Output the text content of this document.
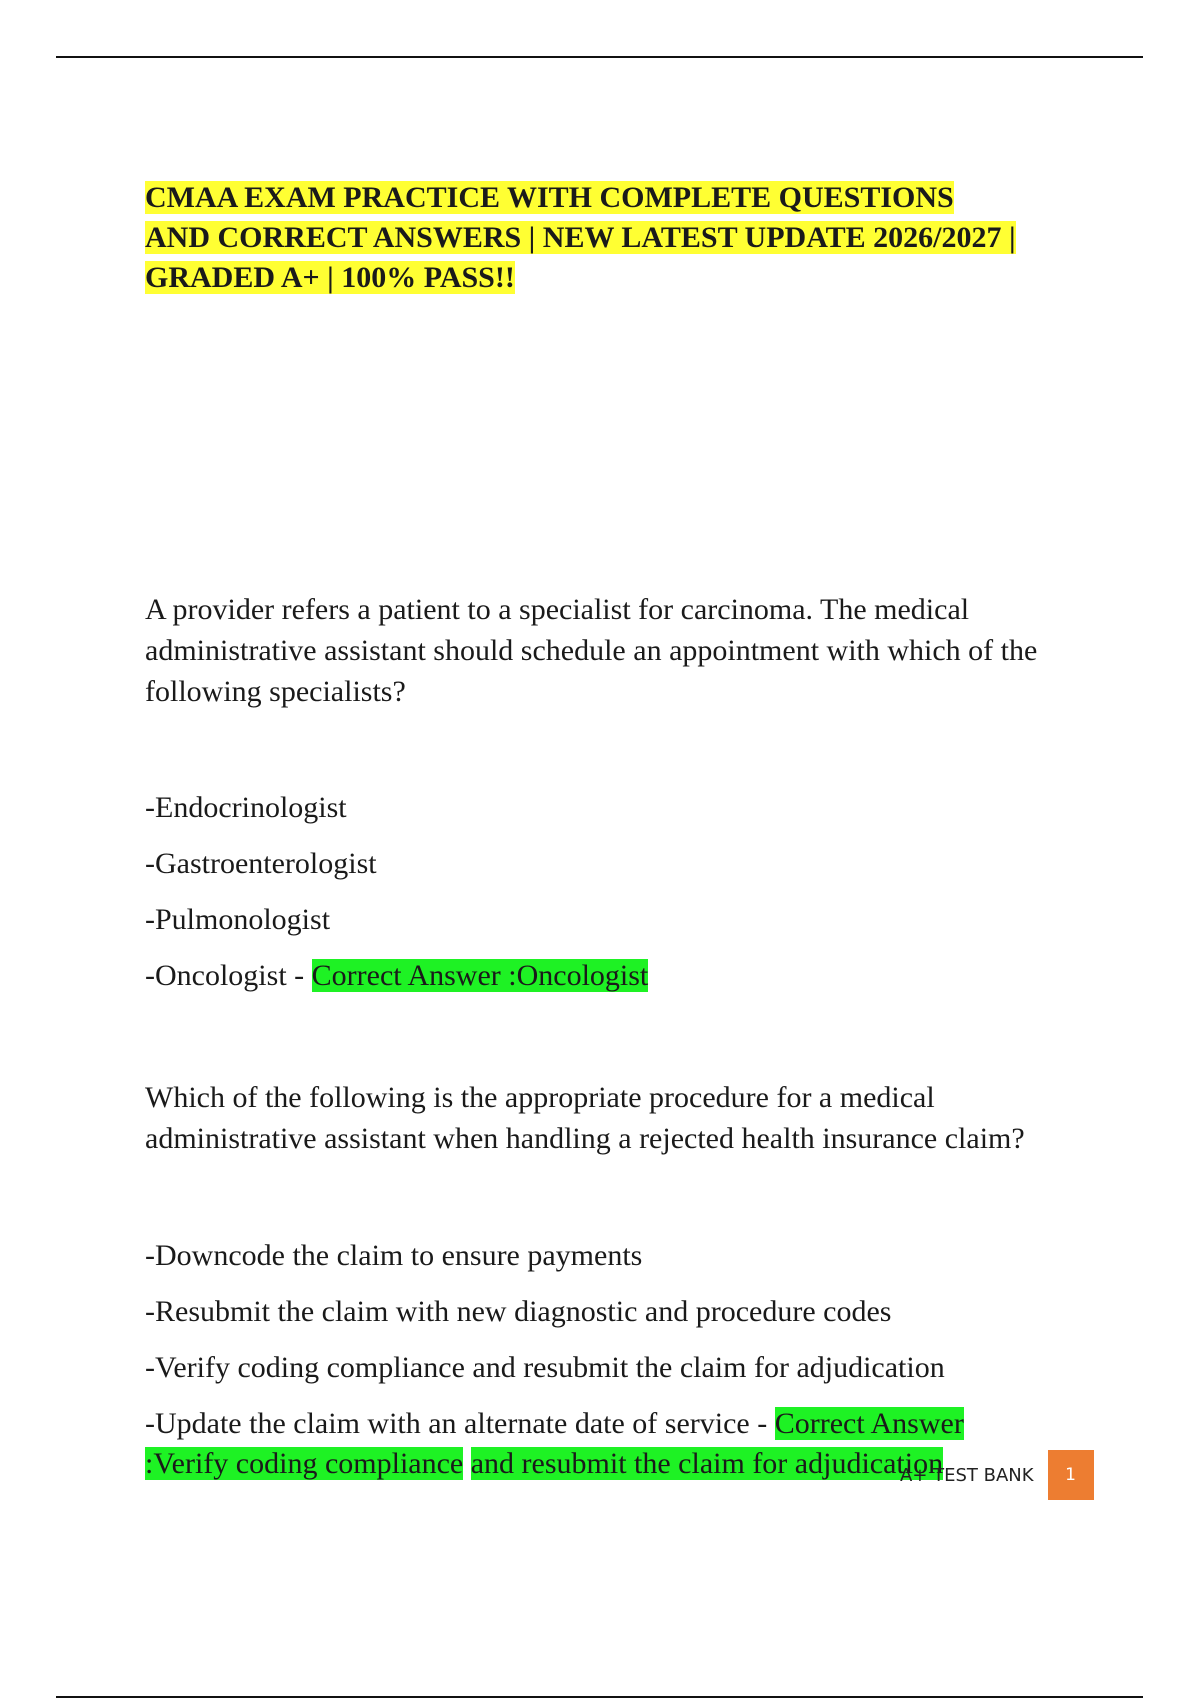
CMAA EXAM PRACTICE WITH COMPLETE QUESTIONS
AND CORRECT ANSWERS | NEW LATEST UPDATE 2026/2027 |
GRADED A+ | 100% PASS!!

A provider refers a patient to a specialist for carcinoma. The medical administrative assistant should schedule an appointment with which of the following specialists?

-Endocrinologist
-Gastroenterologist
-Pulmonologist
-Oncologist - Correct Answer :Oncologist

Which of the following is the appropriate procedure for a medical administrative assistant when handling a rejected health insurance claim?

-Downcode the claim to ensure payments
-Resubmit the claim with new diagnostic and procedure codes
-Verify coding compliance and resubmit the claim for adjudication
-Update the claim with an alternate date of service - Correct Answer
:Verify coding compliance and resubmit the claim for adjudication
A+ TEST BANK	1
